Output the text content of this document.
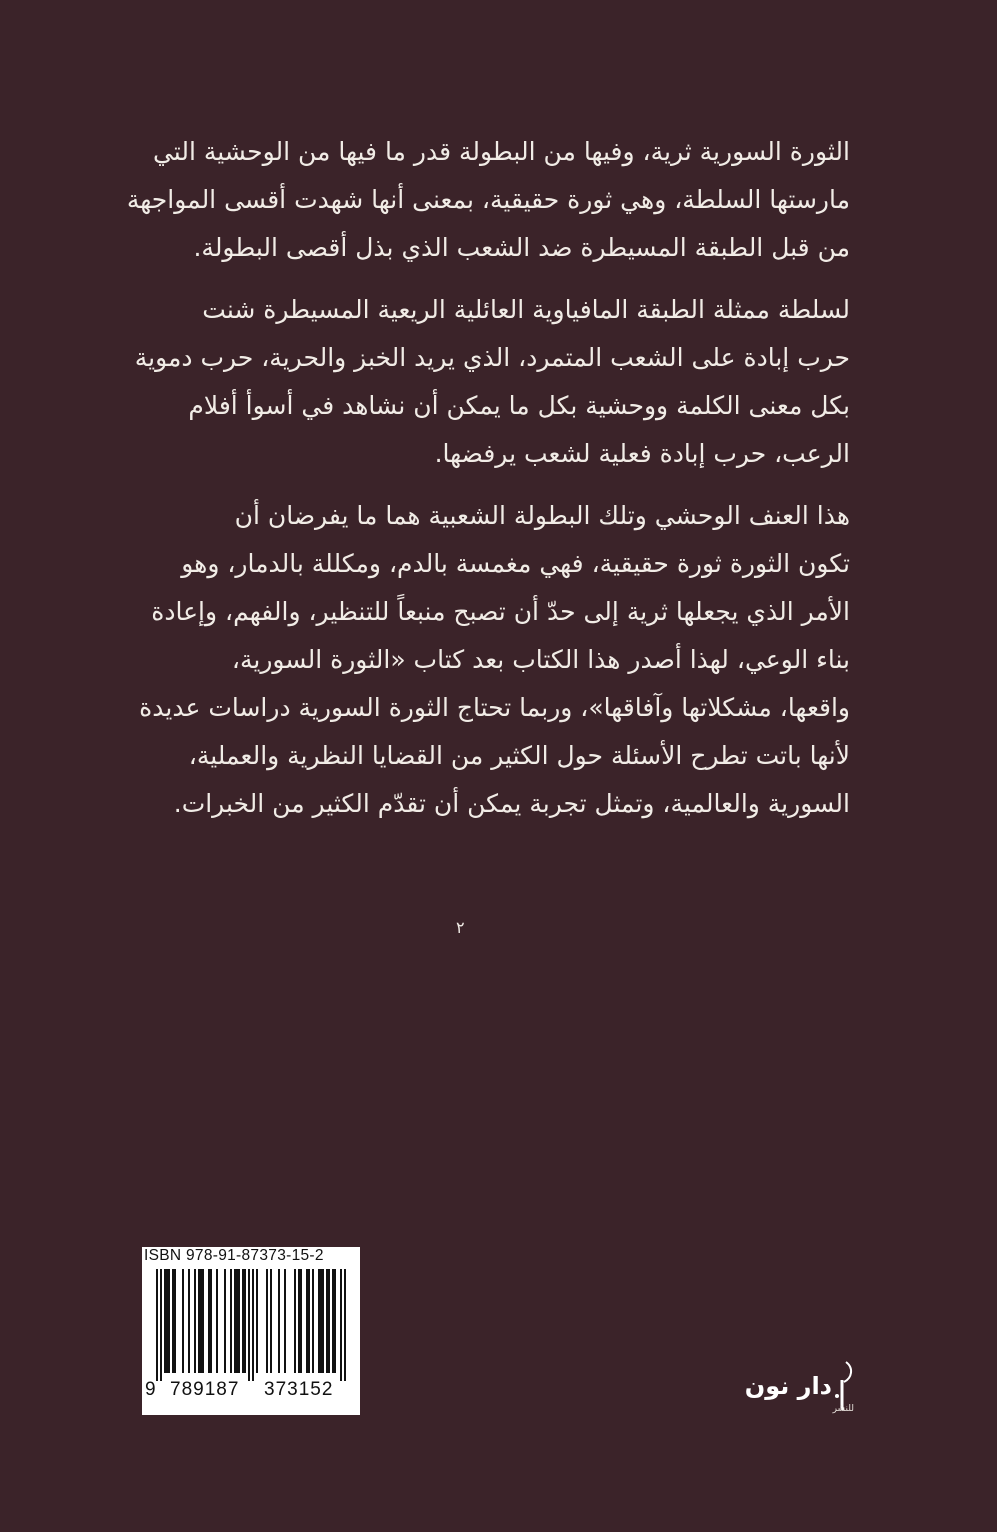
الثورة السورية ثرية، وفيها من البطولة قدر ما فيها من الوحشية التي
مارستها السلطة، وهي ثورة حقيقية، بمعنى أنها شهدت أقسى المواجهة
من قبل الطبقة المسيطرة ضد الشعب الذي بذل أقصى البطولة.
لسلطة ممثلة الطبقة المافياوية العائلية الريعية المسيطرة شنت
حرب إبادة على الشعب المتمرد، الذي يريد الخبز والحرية، حرب دموية
بكل معنى الكلمة ووحشية بكل ما يمكن أن نشاهد في أسوأ أفلام
الرعب، حرب إبادة فعلية لشعب يرفضها.
هذا العنف الوحشي وتلك البطولة الشعبية هما ما يفرضان أن
تكون الثورة ثورة حقيقية، فهي مغمسة بالدم، ومكللة بالدمار، وهو
الأمر الذي يجعلها ثرية إلى حدّ أن تصبح منبعاً للتنظير، والفهم، وإعادة
بناء الوعي، لهذا أصدر هذا الكتاب بعد كتاب «الثورة السورية،
واقعها، مشكلاتها وآفاقها»، وربما تحتاج الثورة السورية دراسات عديدة
لأنها باتت تطرح الأسئلة حول الكثير من القضايا النظرية والعملية،
السورية والعالمية، وتمثل تجربة يمكن أن تقدّم الكثير من الخبرات.
٢
ISBN 978-91-87373-15-2
9 789187 373152	دار نون
للنشر
